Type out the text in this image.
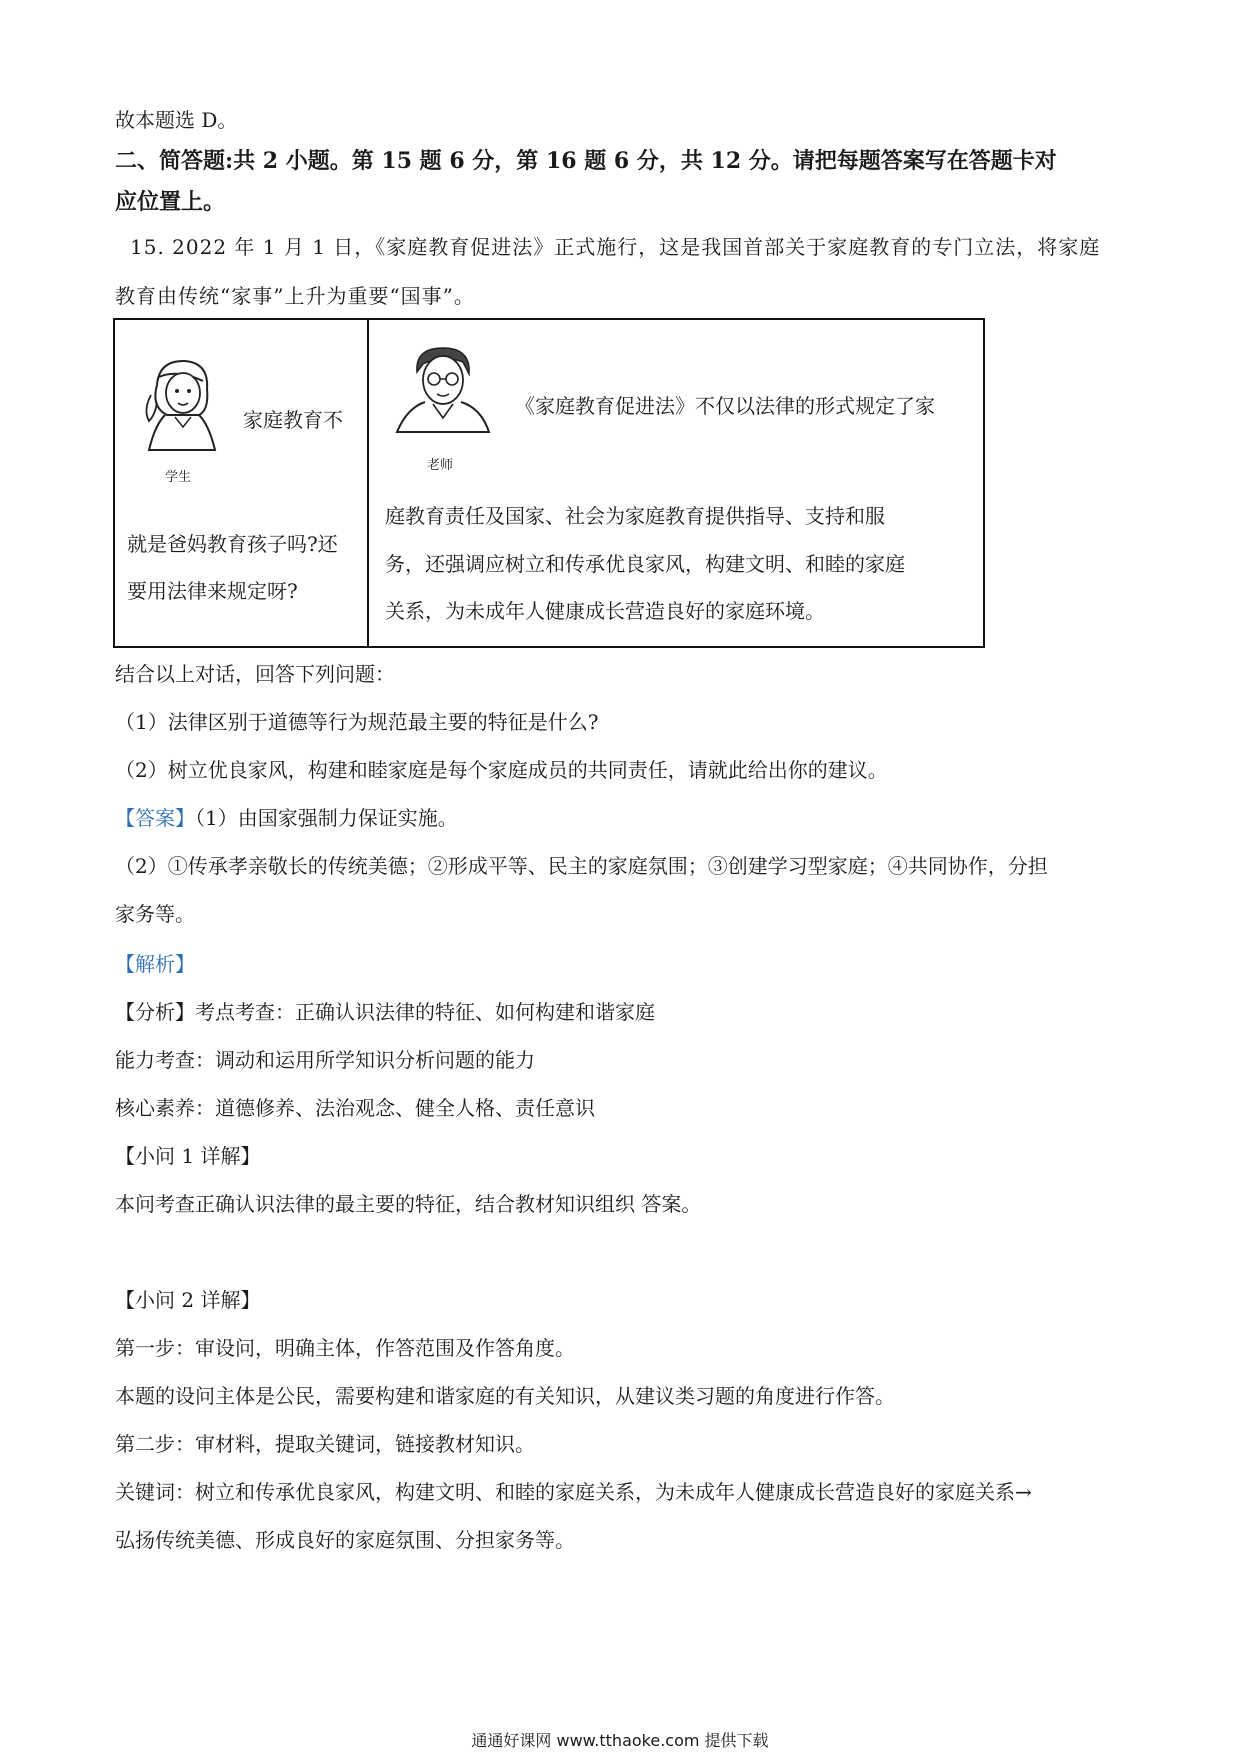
故本题选 D。
二、简答题:共 2 小题。第 15 题 6 分，第 16 题 6 分，共 12 分。请把每题答案写在答题卡对
应位置上。
15. 2022 年 1 月 1 日，《家庭教育促进法》正式施行，这是我国首部关于家庭教育的专门立法，将家庭
教育由传统“家事”上升为重要“国事”。
学生
家庭教育不
就是爸妈教育孩子吗?还
要用法律来规定呀?
老师
《家庭教育促进法》不仅以法律的形式规定了家
庭教育责任及国家、社会为家庭教育提供指导、支持和服
务，还强调应树立和传承优良家风，构建文明、和睦的家庭
关系，为未成年人健康成长营造良好的家庭环境。
结合以上对话，回答下列问题：
（1）法律区别于道德等行为规范最主要的特征是什么?
（2）树立优良家风，构建和睦家庭是每个家庭成员的共同责任，请就此给出你的建议。
【答案】（1）由国家强制力保证实施。
（2）①传承孝亲敬长的传统美德；②形成平等、民主的家庭氛围；③创建学习型家庭；④共同协作，分担
家务等。
【解析】
【分析】考点考查：正确认识法律的特征、如何构建和谐家庭
能力考查：调动和运用所学知识分析问题的能力
核心素养：道德修养、法治观念、健全人格、责任意识
【小问 1 详解】
本问考查正确认识法律的最主要的特征，结合教材知识组织 答案。
【小问 2 详解】
第一步：审设问，明确主体，作答范围及作答角度。
本题的设问主体是公民，需要构建和谐家庭的有关知识，从建议类习题的角度进行作答。
第二步：审材料，提取关键词，链接教材知识。
关键词：树立和传承优良家风，构建文明、和睦的家庭关系，为未成年人健康成长营造良好的家庭关系→
弘扬传统美德、形成良好的家庭氛围、分担家务等。
通通好课网 www.tthaoke.com 提供下载
